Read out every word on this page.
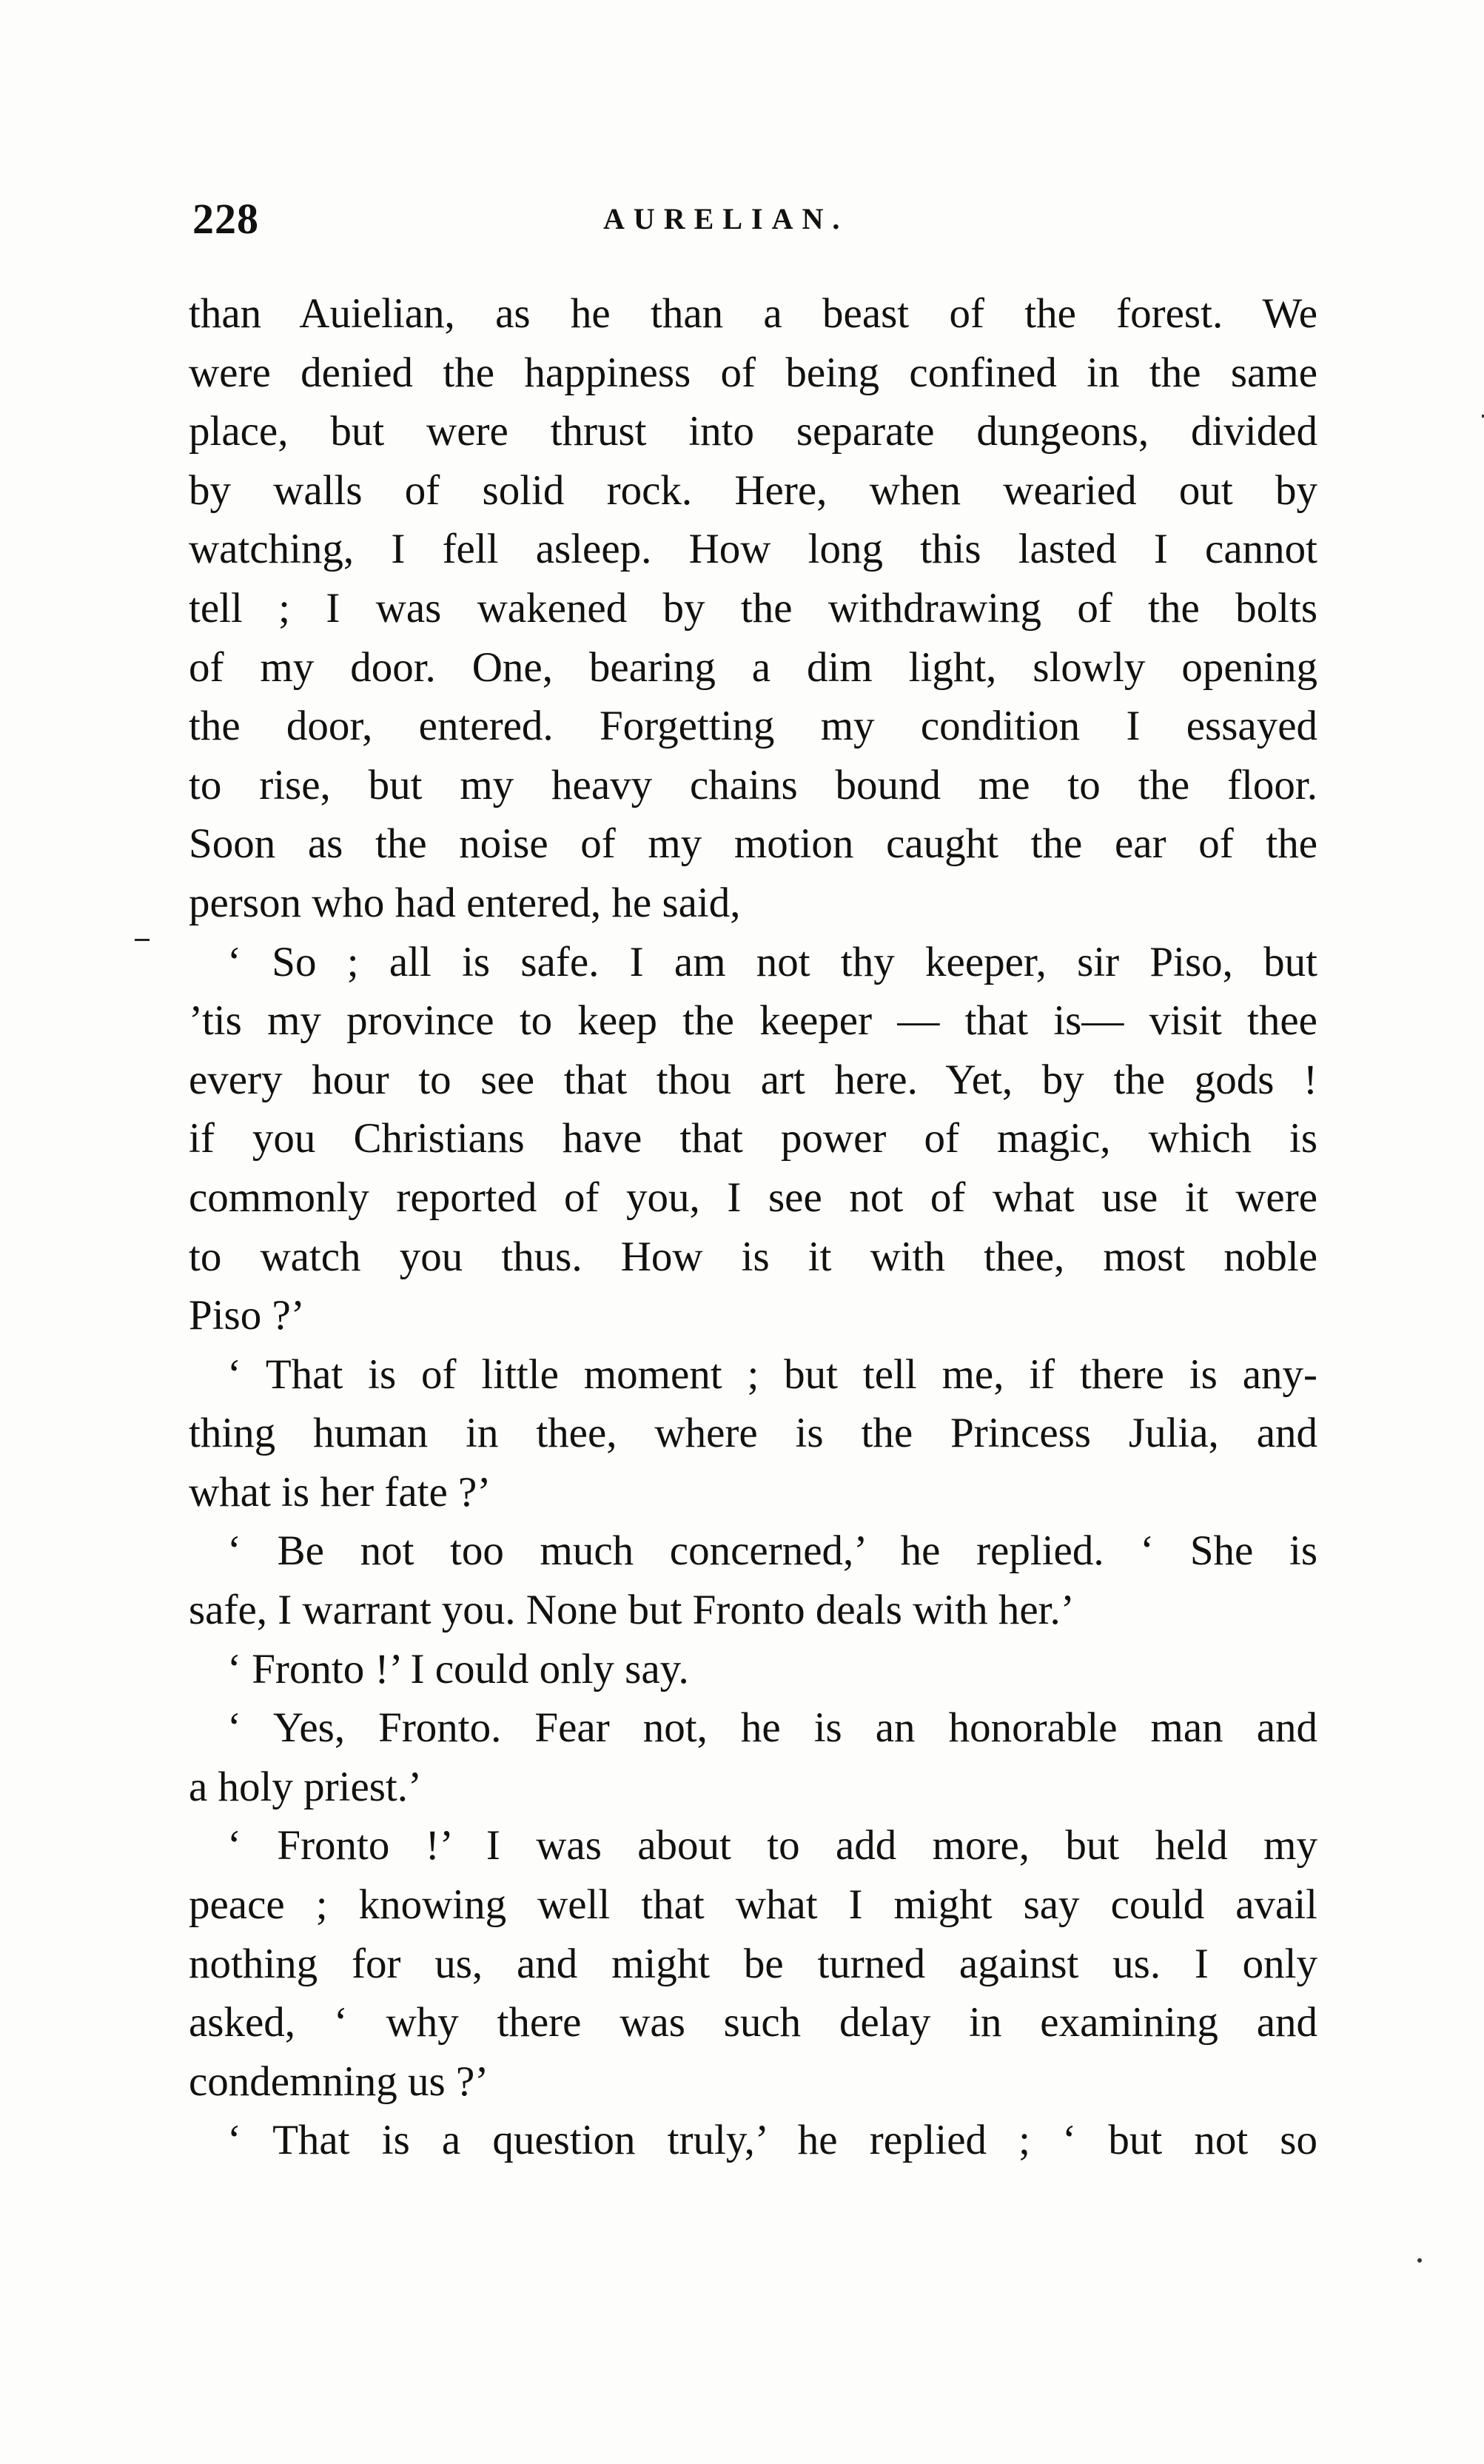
228	AURELIAN.
than Auielian, as he than a beast of the forest. We
were denied the happiness of being confined in the same
place, but were thrust into separate dungeons, divided
by walls of solid rock. Here, when wearied out by
watching, I fell asleep. How long this lasted I cannot
tell ; I was wakened by the withdrawing of the bolts
of my door. One, bearing a dim light, slowly opening
the door, entered. Forgetting my condition I essayed
to rise, but my heavy chains bound me to the floor.
Soon as the noise of my motion caught the ear of the
person who had entered, he said,
‘ So ; all is safe. I am not thy keeper, sir Piso, but
’tis my province to keep the keeper — that is— visit thee
every hour to see that thou art here. Yet, by the gods !
if you Christians have that power of magic, which is
commonly reported of you, I see not of what use it were
to watch you thus. How is it with thee, most noble
Piso ?’
‘ That is of little moment ; but tell me, if there is any-
thing human in thee, where is the Princess Julia, and
what is her fate ?’
‘ Be not too much concerned,’ he replied. ‘ She is
safe, I warrant you. None but Fronto deals with her.’
‘ Fronto !’ I could only say.
‘ Yes, Fronto. Fear not, he is an honorable man and
a holy priest.’
‘ Fronto !’ I was about to add more, but held my
peace ; knowing well that what I might say could avail
nothing for us, and might be turned against us. I only
asked, ‘ why there was such delay in examining and
condemning us ?’
‘ That is a question truly,’ he replied ; ‘ but not so
